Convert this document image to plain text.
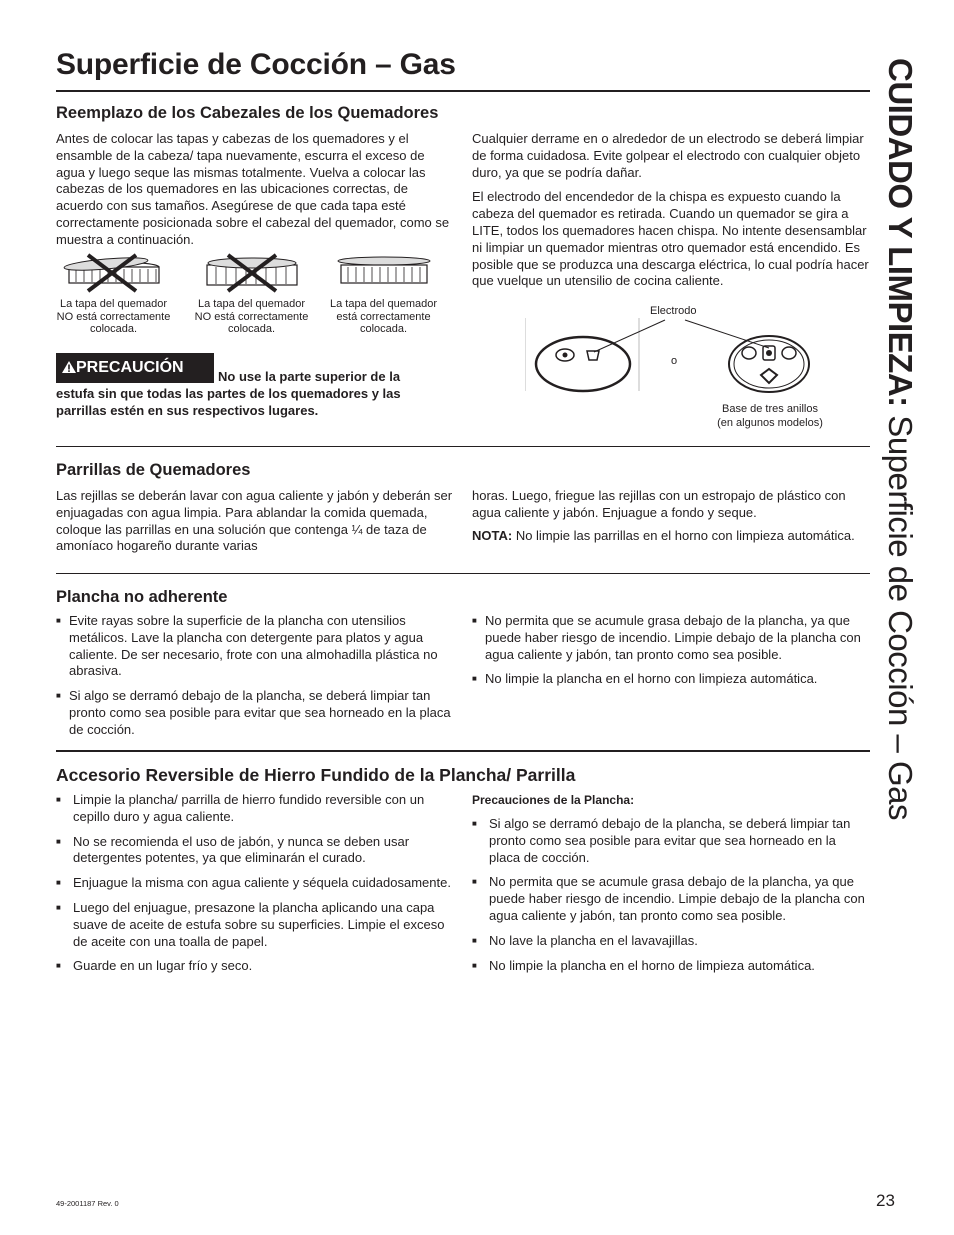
Superficie de Cocción – Gas	CUIDADO Y LIMPIEZA: Superficie de Cocción – Gas
Reemplazo de los Cabezales de los Quemadores

Antes de colocar las tapas y cabezas de los quemadores y el ensamble de la cabeza/ tapa nuevamente, escurra el exceso de agua y luego seque las mismas totalmente. Vuelva a colocar las cabezas de los quemadores en las ubicaciones correctas, de acuerdo con sus tamaños. Asegúrese de que cada tapa esté correctamente posicionada sobre el cabezal del quemador, como se muestra a continuación.

La tapa del quemador NO está correctamente colocada.
La tapa del quemador NO está correctamente colocada.
La tapa del quemador está correctamente colocada.
PRECAUCIÓN
No use la parte superior de la estufa sin que todas las partes de los quemadores y las parrillas estén en sus respectivos lugares.

Cualquier derrame en o alrededor de un electrodo se deberá limpiar de forma cuidadosa. Evite golpear el electrodo con cualquier objeto duro, ya que se podría dañar.

El electrodo del encendedor de la chispa es expuesto cuando la cabeza del quemador es retirada. Cuando un quemador se gira a LITE, todos los quemadores hacen chispa. No intente desensamblar ni limpiar un quemador mientras otro quemador está encendido. Es posible que se produzca una descarga eléctrica, lo cual podría hacer que vuelque un utensilio de cocina caliente.

Electrodo
o
Base de tres anillos
(en algunos modelos)
Parrillas de Quemadores

Las rejillas se deberán lavar con agua caliente y jabón y deberán ser enjuagadas con agua limpia. Para ablandar la comida quemada, coloque las parrillas en una solución que contenga ¼ de taza de amoníaco hogareño durante varias

horas. Luego, friegue las rejillas con un estropajo de plástico con agua caliente y jabón. Enjuague a fondo y seque.

NOTA: No limpie las parrillas en el horno con limpieza automática.

Plancha no adherente
■ Evite rayas sobre la superficie de la plancha con utensilios metálicos. Lave la plancha con detergente para platos y agua caliente. De ser necesario, frote con una almohadilla plástica no abrasiva.
■ Si algo se derramó debajo de la plancha, se deberá limpiar tan pronto como sea posible para evitar que sea horneado en la placa de cocción.
■ No permita que se acumule grasa debajo de la plancha, ya que puede haber riesgo de incendio. Limpie debajo de la plancha con agua caliente y jabón, tan pronto como sea posible.
■ No limpie la plancha en el horno con limpieza automática.
Accesorio Reversible de Hierro Fundido de la Plancha/ Parrilla
■ Limpie la plancha/ parrilla de hierro fundido reversible con un cepillo duro y agua caliente.
■ No se recomienda el uso de jabón, y nunca se deben usar detergentes potentes, ya que eliminarán el curado.
■ Enjuague la misma con agua caliente y séquela cuidadosamente.
■ Luego del enjuague, presazone la plancha aplicando una capa suave de aceite de estufa sobre su superficies. Limpie el exceso de aceite con una toalla de papel.
■ Guarde en un lugar frío y seco.
Precauciones de la Plancha:
■ Si algo se derramó debajo de la plancha, se deberá limpiar tan pronto como sea posible para evitar que sea horneado en la placa de cocción.
■ No permita que se acumule grasa debajo de la plancha, ya que puede haber riesgo de incendio. Limpie debajo de la plancha con agua caliente y jabón, tan pronto como sea posible.
■ No lave la plancha en el lavavajillas.
■ No limpie la plancha en el horno de limpieza automática.
49-2001187 Rev. 0	23
